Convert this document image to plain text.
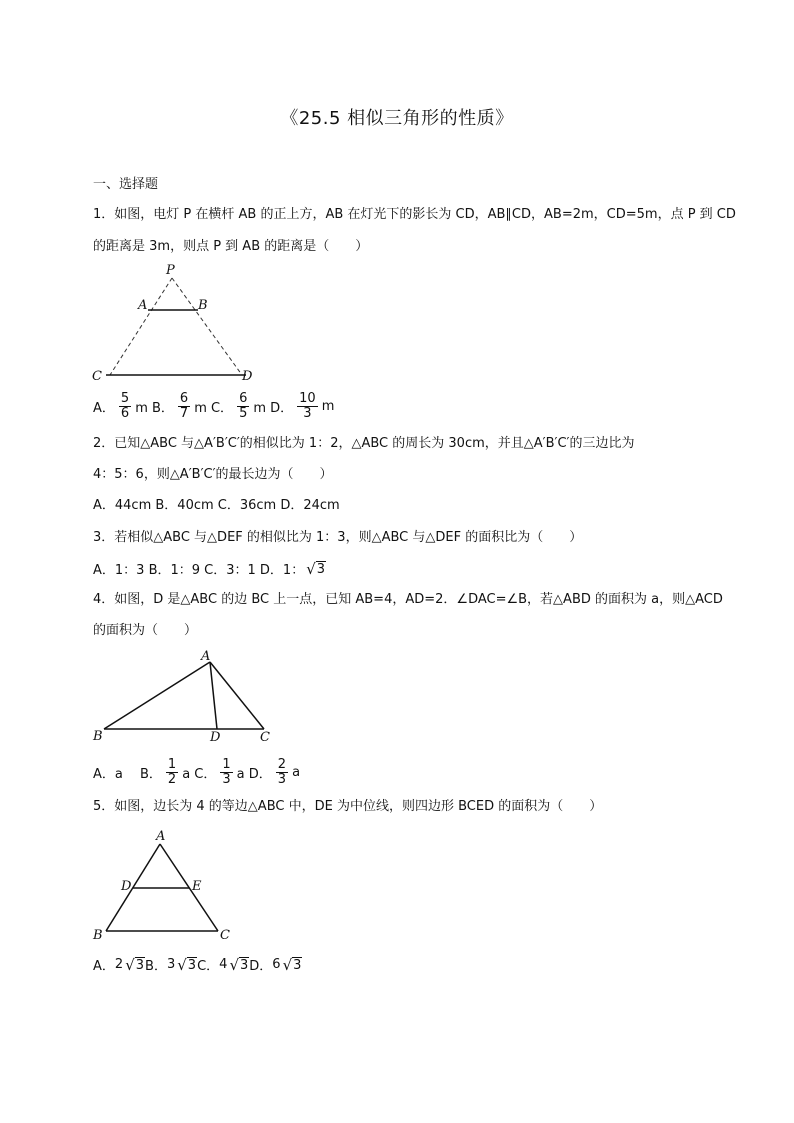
《25.5 相似三角形的性质》
一、选择题
1．如图，电灯 P 在横杆 AB 的正上方，AB 在灯光下的影长为 CD，AB∥CD，AB=2m，CD=5m，点 P 到 CD
的距离是 3m，则点 P 到 AB 的距离是（　　）
P
A	B
C	D
A． $\frac{5}{6}$ m B． $\frac{6}{7}$ m C． $\frac{6}{5}$ m D． $\frac{10}{3}$ m
2．已知△ABC 与△A′B′C′的相似比为 1：2，△ABC 的周长为 30cm，并且△A′B′C′的三边比为
4：5：6，则△A′B′C′的最长边为（　　）
A．44cm B．40cm C．36cm D．24cm
3．若相似△ABC 与△DEF 的相似比为 1：3，则△ABC 与△DEF 的面积比为（　　）
A．1：3 B．1：9 C．3：1 D．1： √ 3
4．如图，D 是△ABC 的边 BC 上一点，已知 AB=4，AD=2．∠DAC=∠B，若△ABD 的面积为 a，则△ACD
的面积为（　　）
A
B	D	C
A．a　 B． $\frac{1}{2}$ a C． $\frac{1}{3}$ a D． $\frac{2}{3}$ a
5．如图，边长为 4 的等边△ABC 中，DE 为中位线，则四边形 BCED 的面积为（　　）
A
D	E
B	C
A． 2 √ 3 B． 3 √ 3 C． 4 √ 3 D． 6 √ 3
